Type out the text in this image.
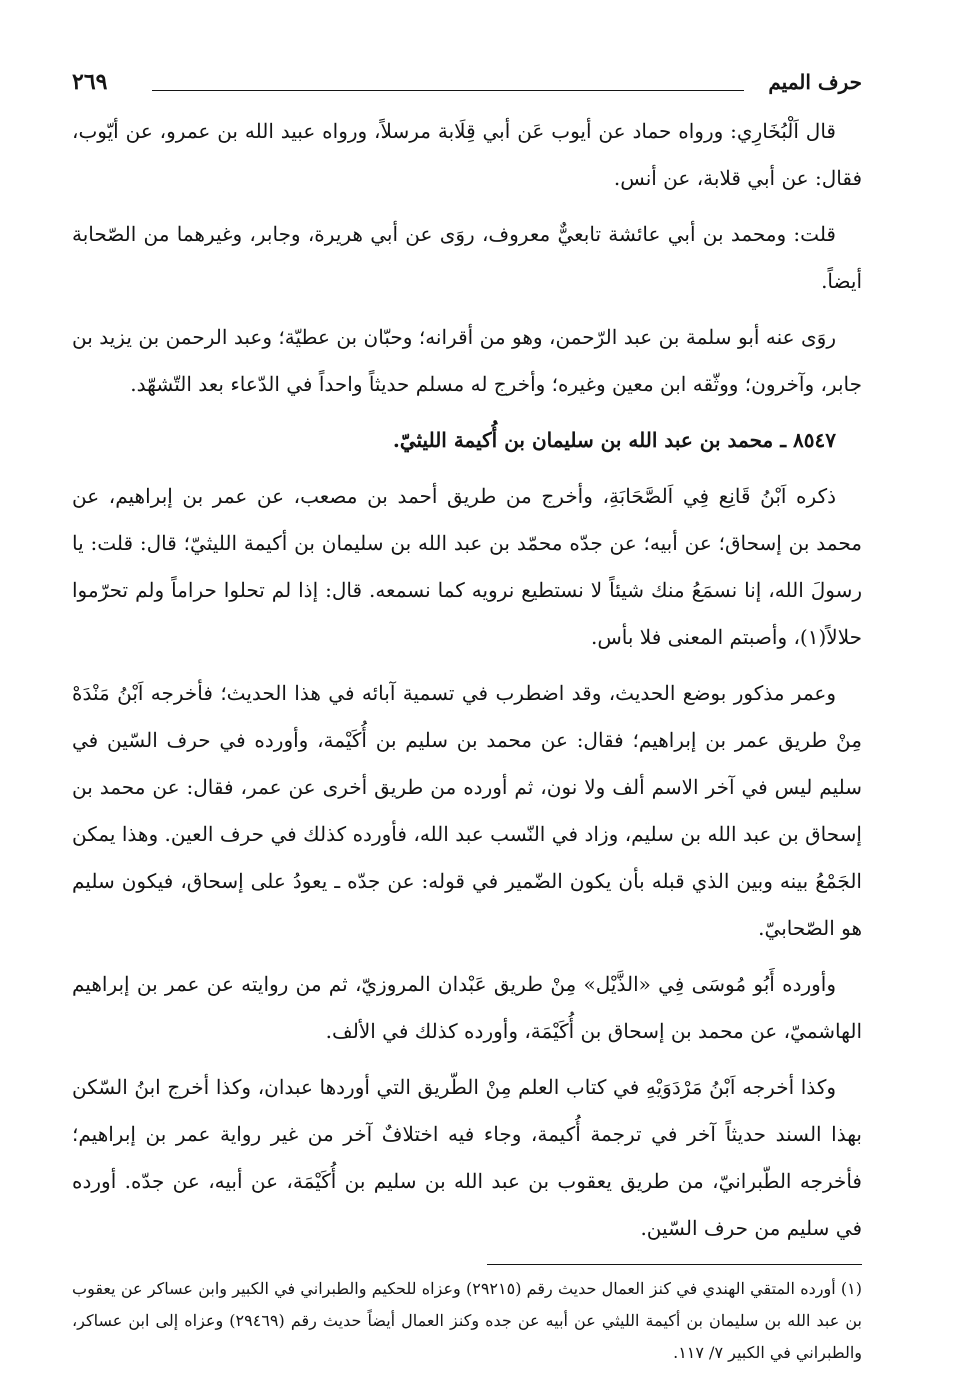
حرف الميم
٢٦٩

قال اَلْبُخَارِي: ورواه حماد عن أيوب عَن أبي قِلَابة مرسلاً، ورواه عبيد الله بن عمرو، عن أيّوب، فقال: عن أبي قلابة، عن أنس.

قلت: ومحمد بن أبي عائشة تابعيٌّ معروف، روَى عن أبي هريرة، وجابر، وغيرهما من الصّحابة أيضاً.

روَى عنه أبو سلمة بن عبد الرّحمن، وهو من أقرانه؛ وحبّان بن عطيّة؛ وعبد الرحمن بن يزيد بن جابر، وآخرون؛ ووثّقه ابن معين وغيره؛ وأخرج له مسلم حديثاً واحداً في الدّعاء بعد التّشهّد.

٨٥٤٧ ـ محمد بن عبد الله بن سليمان بن أُكيمة الليثيّ.

ذكره اَبْنُ قَانِع فِي اَلصَّحَابَةِ، وأخرج من طريق أحمد بن مصعب، عن عمر بن إبراهيم، عن محمد بن إسحاق؛ عن أبيه؛ عن جدّه محمّد بن عبد الله بن سليمان بن أكيمة الليثيّ؛ قال: قلت: يا رسولَ الله، إنا نسمَعُ منك شيئاً لا نستطيع نرويه كما نسمعه. قال: إذا لم تحلوا حراماً ولم تحرّموا حلالاً(١)، وأصبتم المعنى فلا بأس.

وعمر مذكور بوضع الحديث، وقد اضطرب في تسمية آبائه في هذا الحديث؛ فأخرجه اَبْنُ مَنْدَهْ مِنْ طريق عمر بن إبراهيم؛ فقال: عن محمد بن سليم بن أُكَيْمة، وأورده في حرف السّين في سليم ليس في آخر الاسم ألف ولا نون، ثم أورده من طريق أخرى عن عمر، فقال: عن محمد بن إسحاق بن عبد الله بن سليم، وزاد في النّسب عبد الله، فأورده كذلك في حرف العين. وهذا يمكن الجَمْعُ بينه وبين الذي قبله بأن يكون الضّمير في قوله: عن جدّه ـ يعودُ على إسحاق، فيكون سليم هو الصّحابيّ.

وأورده أَبُو مُوسَى فِي «الذَّيْل» مِنْ طريق عَبْدان المروزيّ، ثم من روايته عن عمر بن إبراهيم الهاشميّ، عن محمد بن إسحاق بن أُكَيْمَة، وأورده كذلك في الألف.

وكذا أخرجه اَبْنُ مَرْدَوَيْهِ في كتاب العلم مِنْ الطّريق التي أوردها عبدان، وكذا أخرج ابنُ السّكن بهذا السند حديثاً آخر في ترجمة أُكيمة، وجاء فيه اختلافٌ آخر من غير رواية عمر بن إبراهيم؛ فأخرجه الطّبرانيّ، من طريق يعقوب بن عبد الله بن سليم بن أُكَيْمَة، عن أبيه، عن جدّه. أورده في سليم من حرف السّين.

(١) أورده المتقي الهندي في كنز العمال حديث رقم (٢٩٢١٥) وعزاه للحكيم والطبراني في الكبير وابن عساكر عن يعقوب بن عبد الله بن سليمان بن أكيمة الليثي عن أبيه عن جده وكنز العمال أيضاً حديث رقم (٢٩٤٦٩) وعزاه إلى ابن عساكر، والطبراني في الكبير ٧/ ١١٧.
